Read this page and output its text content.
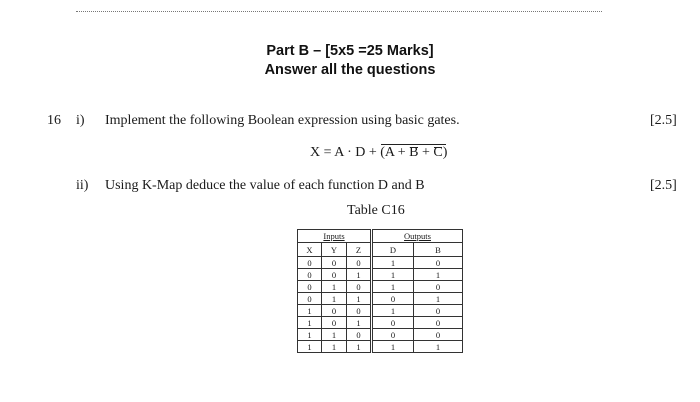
Part B – [5x5 =25 Marks]
Answer all the questions
16 i) Implement the following Boolean expression using basic gates.	[2.5]
X = A · D + (A + B + C)
ii) Using K-Map deduce the value of each function D and B	[2.5]
Table C16
Inputs			Outputs	
X	Y	Z	D	B
0	0	0	1	0
0	0	1	1	1
0	1	0	1	0
0	1	1	0	1
1	0	0	1	0
1	0	1	0	0
1	1	0	0	0
1	1	1	1	1
